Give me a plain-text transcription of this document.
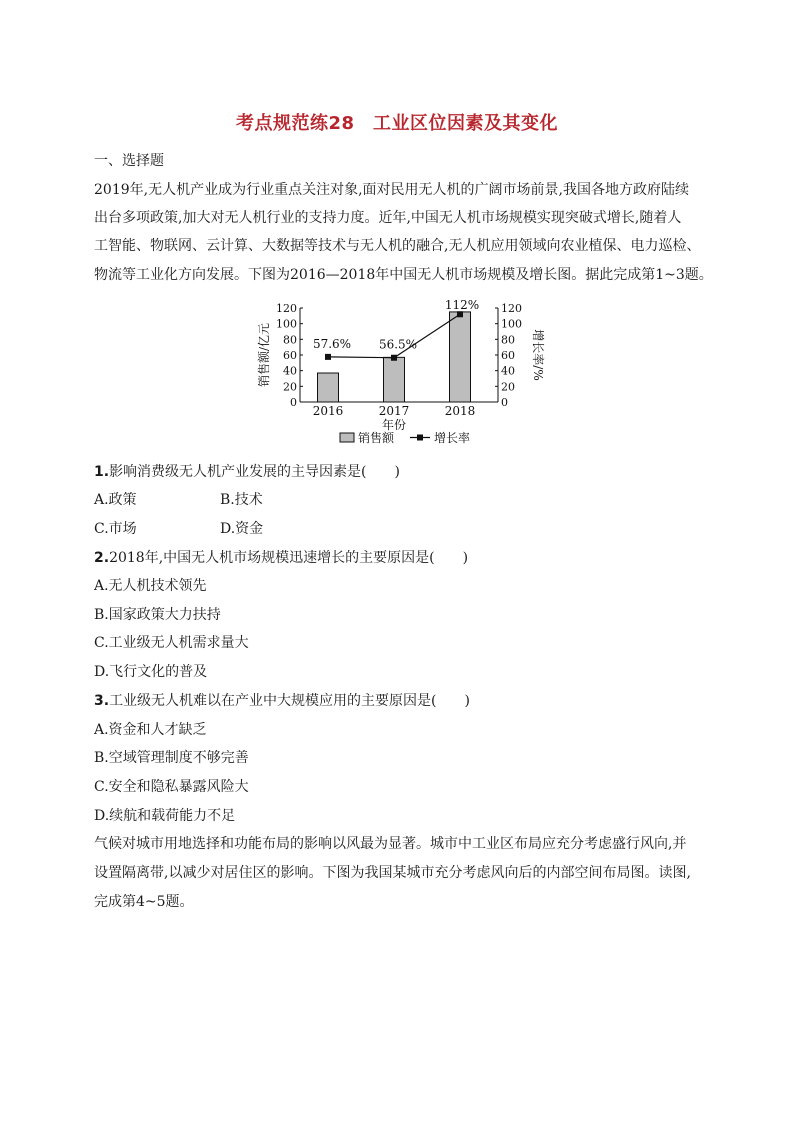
考点规范练28　工业区位因素及其变化
一、选择题
2019年,无人机产业成为行业重点关注对象,面对民用无人机的广阔市场前景,我国各地方政府陆续
出台多项政策,加大对无人机行业的支持力度。近年,中国无人机市场规模实现突破式增长,随着人
工智能、物联网、云计算、大数据等技术与无人机的融合,无人机应用领域向农业植保、电力巡检、
物流等工业化方向发展。下图为2016—2018年中国无人机市场规模及增长图。据此完成第1~3题。
0
20
40
60
80
100
120
0
20
40
60
80
100
120
57.6% 56.5%
112%
2016	2017	2018
年份
销售额/亿元	增长率/%
销售额	增长率
1.影响消费级无人机产业发展的主导因素是(　　)
A.政策	B.技术
C.市场	D.资金
2.2018年,中国无人机市场规模迅速增长的主要原因是(　　)
A.无人机技术领先
B.国家政策大力扶持
C.工业级无人机需求量大
D.飞行文化的普及
3.工业级无人机难以在产业中大规模应用的主要原因是(　　)
A.资金和人才缺乏
B.空域管理制度不够完善
C.安全和隐私暴露风险大
D.续航和载荷能力不足
气候对城市用地选择和功能布局的影响以风最为显著。城市中工业区布局应充分考虑盛行风向,并
设置隔离带,以减少对居住区的影响。下图为我国某城市充分考虑风向后的内部空间布局图。读图,
完成第4~5题。
